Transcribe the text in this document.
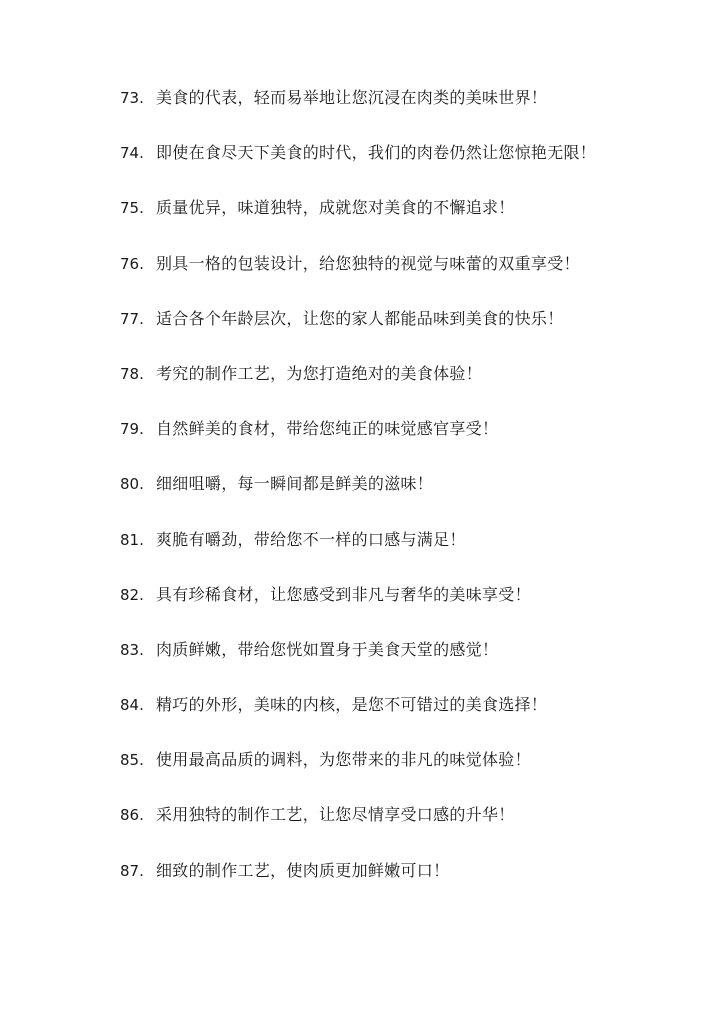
73. 美食的代表，轻而易举地让您沉浸在肉类的美味世界！
74. 即使在食尽天下美食的时代，我们的肉卷仍然让您惊艳无限！
75. 质量优异，味道独特，成就您对美食的不懈追求！
76. 别具一格的包装设计，给您独特的视觉与味蕾的双重享受！
77. 适合各个年龄层次，让您的家人都能品味到美食的快乐！
78. 考究的制作工艺，为您打造绝对的美食体验！
79. 自然鲜美的食材，带给您纯正的味觉感官享受！
80. 细细咀嚼，每一瞬间都是鲜美的滋味！
81. 爽脆有嚼劲，带给您不一样的口感与满足！
82. 具有珍稀食材，让您感受到非凡与奢华的美味享受！
83. 肉质鲜嫩，带给您恍如置身于美食天堂的感觉！
84. 精巧的外形，美味的内核，是您不可错过的美食选择！
85. 使用最高品质的调料，为您带来的非凡的味觉体验！
86. 采用独特的制作工艺，让您尽情享受口感的升华！
87. 细致的制作工艺，使肉质更加鲜嫩可口！
